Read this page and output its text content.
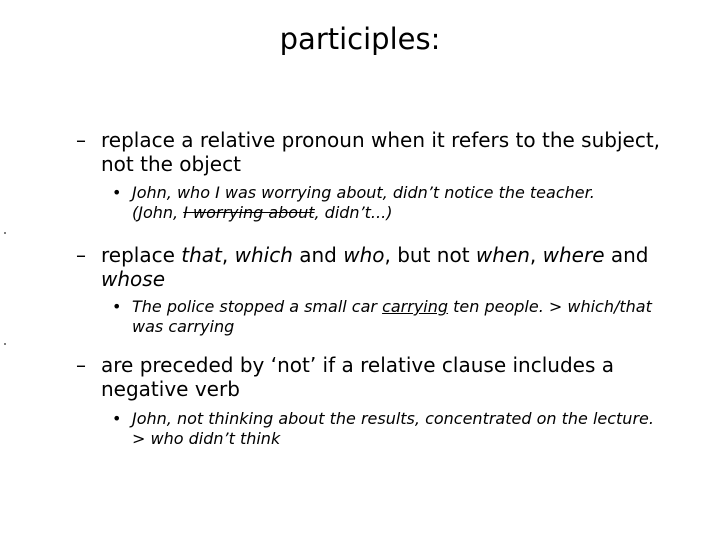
participles:
– replace a relative pronoun when it refers to the subject, not the object
• John, who I was worrying about, didn’t notice the teacher.
(John, I worrying about, didn’t...)
– replace that, which and who, but not when, where and whose
• The police stopped a small car carrying ten people. > which/that was carrying
– are preceded by ‘not’ if a relative clause includes a negative verb
• John, not thinking about the results, concentrated on the lecture. > who didn’t think
